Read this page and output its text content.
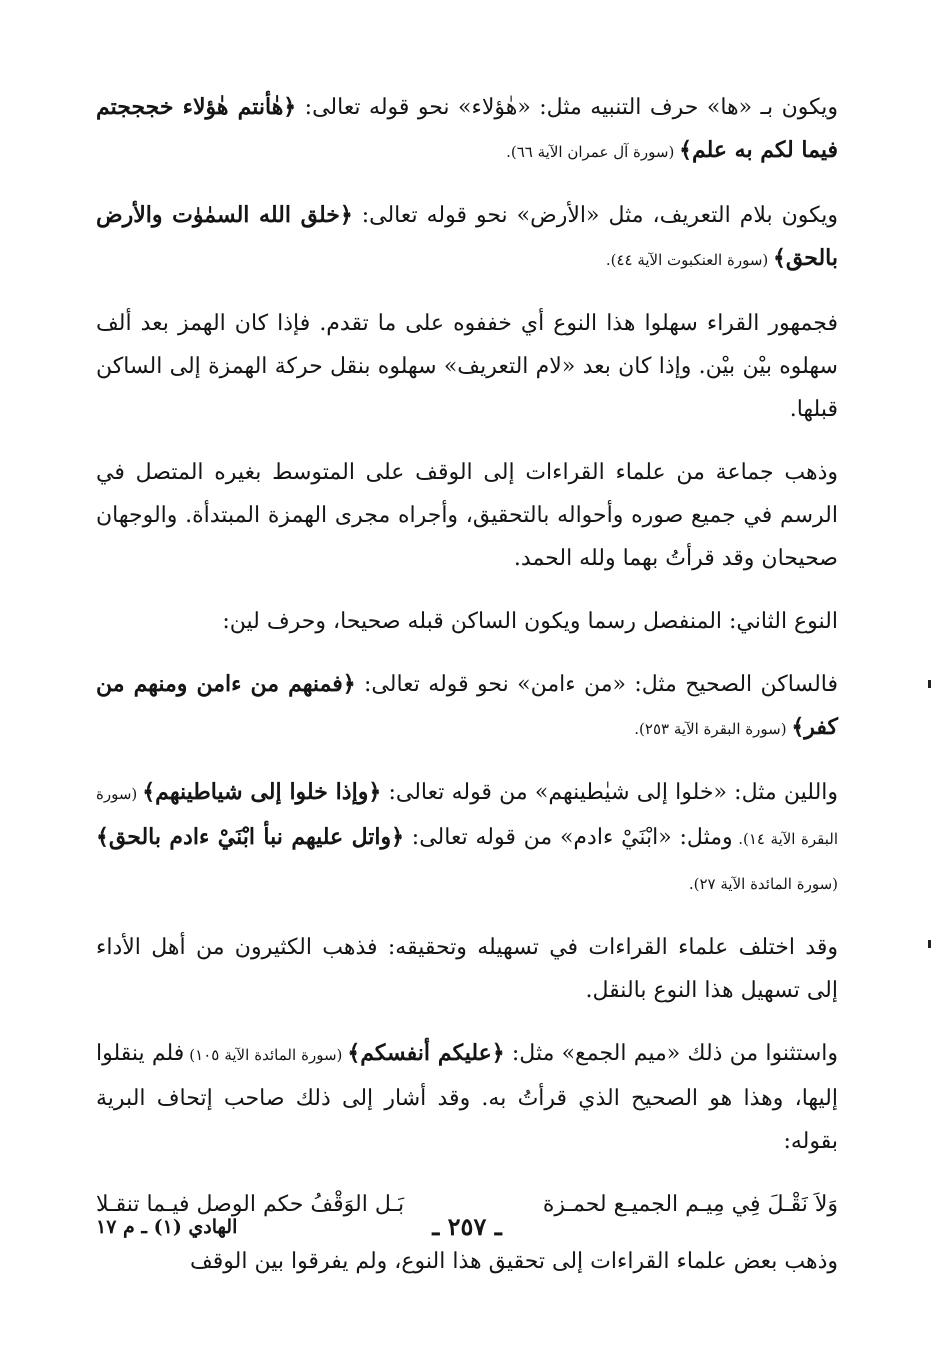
ويكون بـ «ها» حرف التنبيه مثل: «هٰؤلاء» نحو قوله تعالى: ﴿هٰأنتم هٰؤلاء خجججتم فيما لكم به علم﴾ (سورة آل عمران الآية ٦٦).

ويكون بلام التعريف، مثل «الأرض» نحو قوله تعالى: ﴿خلق الله السمٰوٰت والأرض بالحق﴾ (سورة العنكبوت الآية ٤٤).

فجمهور القراء سهلوا هذا النوع أي خففوه على ما تقدم. فإذا كان الهمز بعد ألف سهلوه بيْن بيْن. وإذا كان بعد «لام التعريف» سهلوه بنقل حركة الهمزة إلى الساكن قبلها.

وذهب جماعة من علماء القراءات إلى الوقف على المتوسط بغيره المتصل في الرسم في جميع صوره وأحواله بالتحقيق، وأجراه مجرى الهمزة المبتدأة. والوجهان صحيحان وقد قرأتُ بهما ولله الحمد.

النوع الثاني: المنفصل رسما ويكون الساكن قبله صحيحا، وحرف لين:

فالساكن الصحيح مثل: «من ءامن» نحو قوله تعالى: ﴿فمنهم من ءامن ومنهم من كفر﴾ (سورة البقرة الآية ٢٥٣).

واللين مثل: «خلوا إلى شيٰطينهم» من قوله تعالى: ﴿وإذا خلوا إلى شياطينهم﴾ (سورة البقرة الآية ١٤). ومثل: «ابْنَيْ ءادم» من قوله تعالى: ﴿واتل عليهم نبأ ابْنَيْ ءادم بالحق﴾ (سورة المائدة الآية ٢٧).

وقد اختلف علماء القراءات في تسهيله وتحقيقه: فذهب الكثيرون من أهل الأداء إلى تسهيل هذا النوع بالنقل.

واستثنوا من ذلك «ميم الجمع» مثل: ﴿عليكم أنفسكم﴾ (سورة المائدة الآية ١٠٥) فلم ينقلوا إليها، وهذا هو الصحيح الذي قرأتُ به. وقد أشار إلى ذلك صاحب إتحاف البرية بقوله:

وَلاَ نَقْـلَ فِي مِيـم الجميـع لحمـزة
بَـل الوَقْفُ حكم الوصل فيـما تنقـلا

وذهب بعض علماء القراءات إلى تحقيق هذا النوع، ولم يفرقوا بين الوقف

ـ ٢٥٧ ـ
الهادي (١) ـ م ١٧
